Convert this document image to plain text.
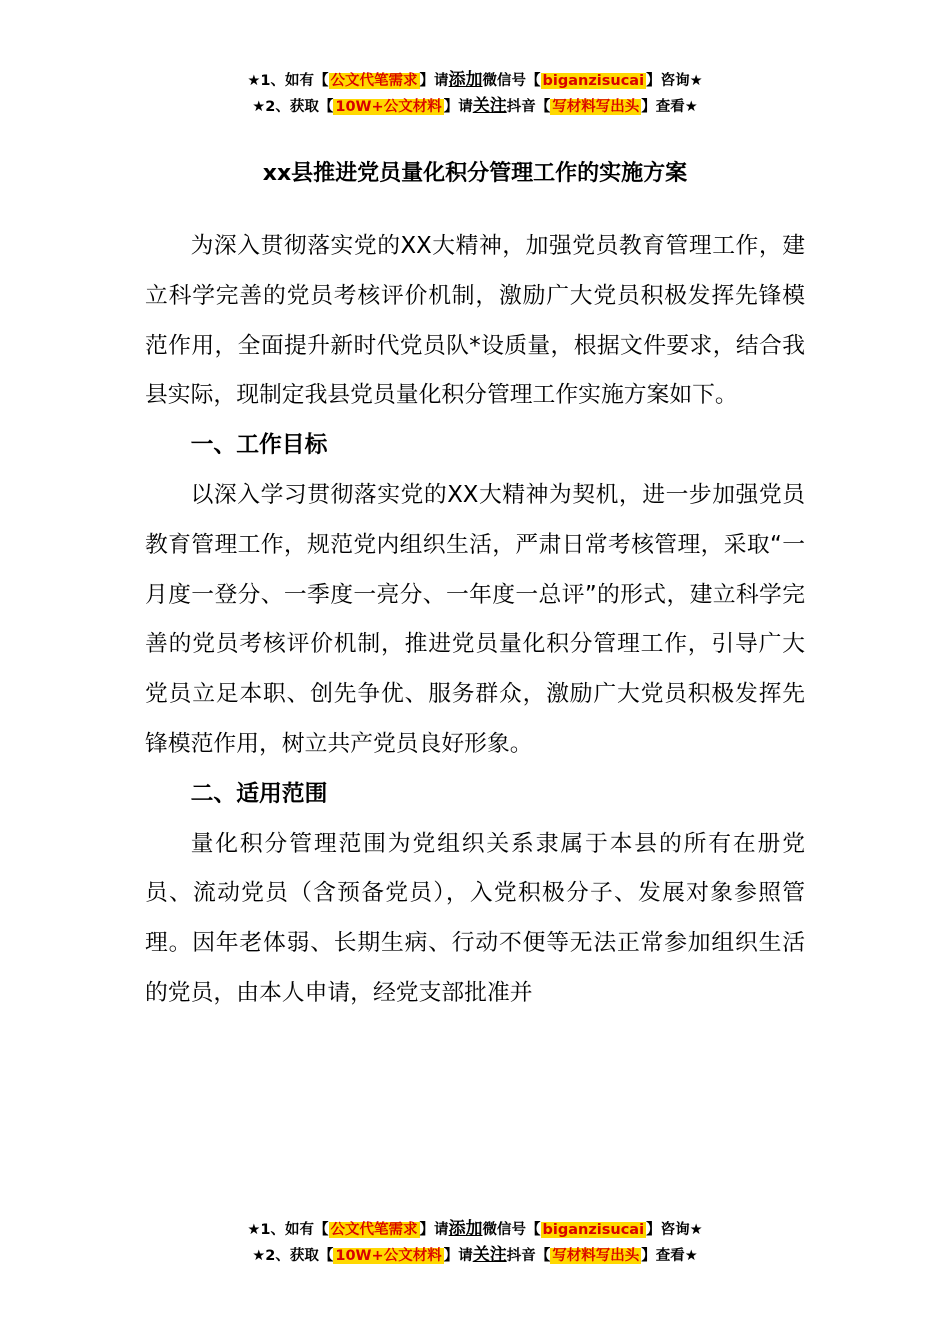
★1、如有【 公文代笔需求 】请添加微信号【 biganzisucai 】咨询★
★2、获取【 10W+公文材料 】请关注抖音【 写材料写出头 】查看★
xx县推进党员量化积分管理工作的实施方案

为深入贯彻落实党的XX大精神，加强党员教育管理工作，建立科学完善的党员考核评价机制，激励广大党员积极发挥先锋模范作用，全面提升新时代党员队*设质量，根据文件要求，结合我县实际，现制定我县党员量化积分管理工作实施方案如下。

一、工作目标

以深入学习贯彻落实党的XX大精神为契机，进一步加强党员教育管理工作，规范党内组织生活，严肃日常考核管理，采取“一月度一登分、一季度一亮分、一年度一总评”的形式，建立科学完善的党员考核评价机制，推进党员量化积分管理工作，引导广大党员立足本职、创先争优、服务群众，激励广大党员积极发挥先锋模范作用，树立共产党员良好形象。

二、适用范围

量化积分管理范围为党组织关系隶属于本县的所有在册党员、流动党员（含预备党员），入党积极分子、发展对象参照管理。因年老体弱、长期生病、行动不便等无法正常参加组织生活的党员，由本人申请，经党支部批准并

★1、如有【 公文代笔需求 】请添加微信号【 biganzisucai 】咨询★
★2、获取【 10W+公文材料 】请关注抖音【 写材料写出头 】查看★
